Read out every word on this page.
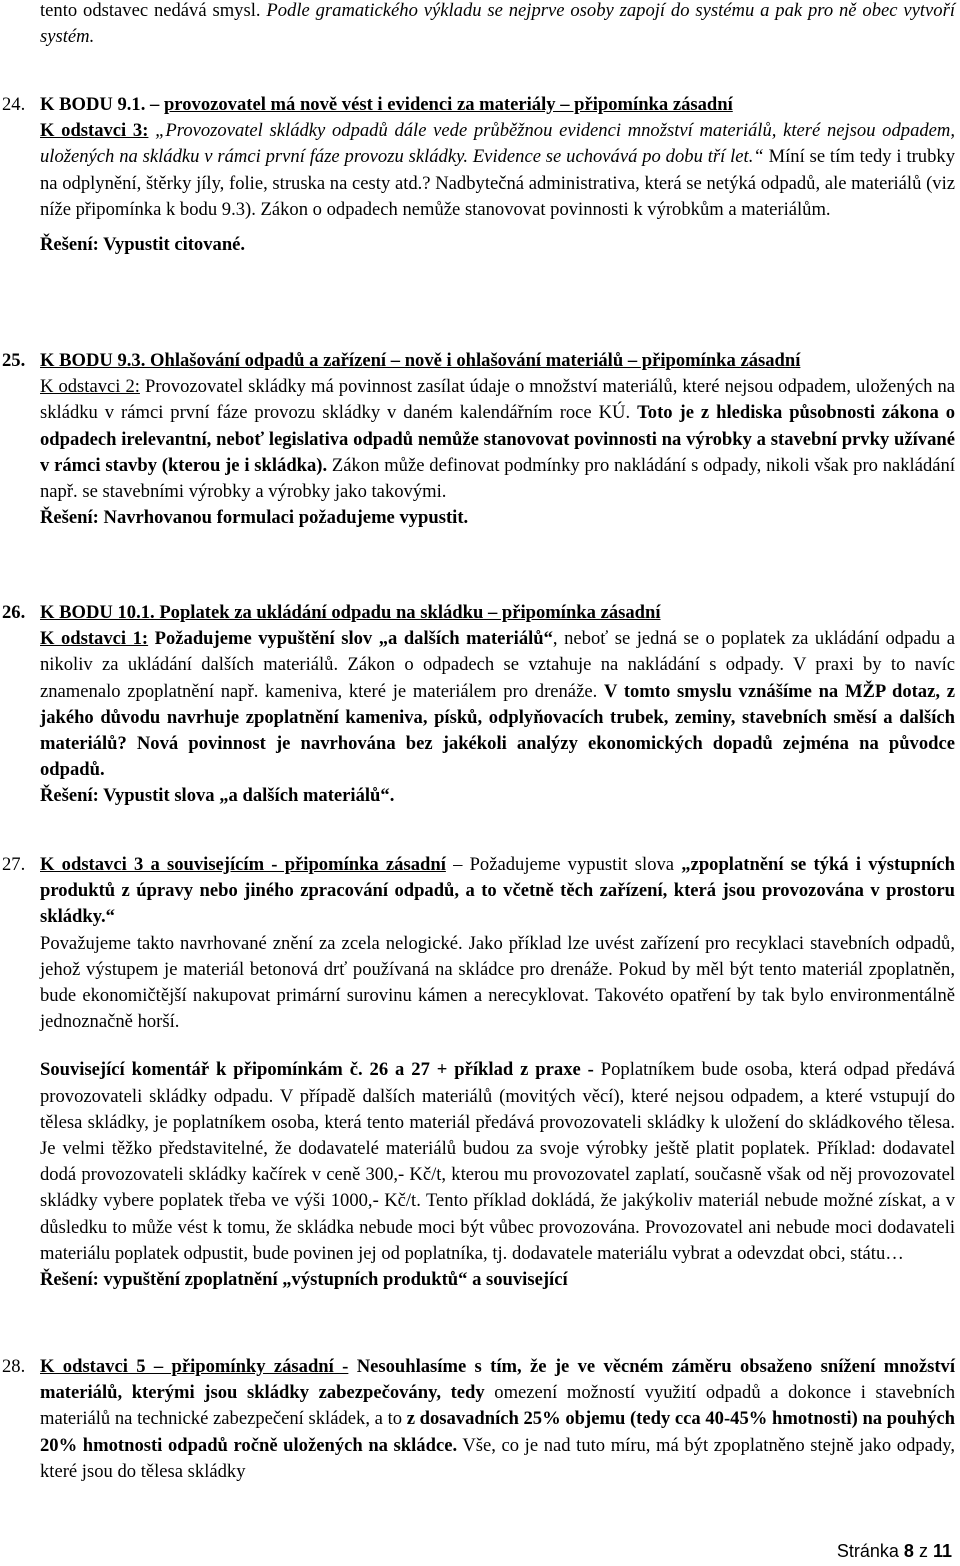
tento odstavec nedává smysl. Podle gramatického výkladu se nejprve osoby zapojí do systému a pak pro ně obec vytvoří systém.

24. K BODU 9.1. – provozovatel má nově vést i evidenci za materiály – připomínka zásadní
K odstavci 3: „Provozovatel skládky odpadů dále vede průběžnou evidenci množství materiálů, které nejsou odpadem, uložených na skládku v rámci první fáze provozu skládky. Evidence se uchovává po dobu tří let.“ Míní se tím tedy i trubky na odplynění, štěrky jíly, folie, struska na cesty atd.? Nadbytečná administrativa, která se netýká odpadů, ale materiálů (viz níže připomínka k bodu 9.3). Zákon o odpadech nemůže stanovovat povinnosti k výrobkům a materiálům.
Řešení: Vypustit citované.

25. K BODU 9.3. Ohlašování odpadů a zařízení – nově i ohlašování materiálů – připomínka zásadní
K odstavci 2: Provozovatel skládky má povinnost zasílat údaje o množství materiálů, které nejsou odpadem, uložených na skládku v rámci první fáze provozu skládky v daném kalendářním roce KÚ. Toto je z hlediska působnosti zákona o odpadech irelevantní, neboť legislativa odpadů nemůže stanovovat povinnosti na výrobky a stavební prvky užívané v rámci stavby (kterou je i skládka). Zákon může definovat podmínky pro nakládání s odpady, nikoli však pro nakládání např. se stavebními výrobky a výrobky jako takovými.
Řešení: Navrhovanou formulaci požadujeme vypustit.

26. K BODU 10.1. Poplatek za ukládání odpadu na skládku – připomínka zásadní
K odstavci 1: Požadujeme vypuštění slov „a dalších materiálů“, neboť se jedná se o poplatek za ukládání odpadu a nikoliv za ukládání dalších materiálů. Zákon o odpadech se vztahuje na nakládání s odpady. V praxi by to navíc znamenalo zpoplatnění např. kameniva, které je materiálem pro drenáže. V tomto smyslu vznášíme na MŽP dotaz, z jakého důvodu navrhuje zpoplatnění kameniva, písků, odplyňovacích trubek, zeminy, stavebních směsí a dalších materiálů? Nová povinnost je navrhována bez jakékoli analýzy ekonomických dopadů zejména na původce odpadů.
Řešení: Vypustit slova „a dalších materiálů“.

27. K odstavci 3 a souvisejícím - připomínka zásadní – Požadujeme vypustit slova „zpoplatnění se týká i výstupních produktů z úpravy nebo jiného zpracování odpadů, a to včetně těch zařízení, která jsou provozována v prostoru skládky.“
Považujeme takto navrhované znění za zcela nelogické. Jako příklad lze uvést zařízení pro recyklaci stavebních odpadů, jehož výstupem je materiál betonová drť používaná na skládce pro drenáže. Pokud by měl být tento materiál zpoplatněn, bude ekonomičtější nakupovat primární surovinu kámen a nerecyklovat. Takovéto opatření by tak bylo environmentálně jednoznačně horší.
Související komentář k připomínkám č. 26 a 27 + příklad z praxe - Poplatníkem bude osoba, která odpad předává provozovateli skládky odpadu. V případě dalších materiálů (movitých věcí), které nejsou odpadem, a které vstupují do tělesa skládky, je poplatníkem osoba, která tento materiál předává provozovateli skládky k uložení do skládkového tělesa. Je velmi těžko představitelné, že dodavatelé materiálů budou za svoje výrobky ještě platit poplatek. Příklad: dodavatel dodá provozovateli skládky kačírek v ceně 300,- Kč/t, kterou mu provozovatel zaplatí, současně však od něj provozovatel skládky vybere poplatek třeba ve výši 1000,- Kč/t. Tento příklad dokládá, že jakýkoliv materiál nebude možné získat, a v důsledku to může vést k tomu, že skládka nebude moci být vůbec provozována. Provozovatel ani nebude moci dodavateli materiálu poplatek odpustit, bude povinen jej od poplatníka, tj. dodavatele materiálu vybrat a odevzdat obci, státu…
Řešení: vypuštění zpoplatnění „výstupních produktů“ a související

28. K odstavci 5 – připomínky zásadní - Nesouhlasíme s tím, že je ve věcném záměru obsaženo snížení množství materiálů, kterými jsou skládky zabezpečovány, tedy omezení možností využití odpadů a dokonce i stavebních materiálů na technické zabezpečení skládek, a to z dosavadních 25% objemu (tedy cca 40-45% hmotnosti) na pouhých 20% hmotnosti odpadů ročně uložených na skládce. Vše, co je nad tuto míru, má být zpoplatněno stejně jako odpady, které jsou do tělesa skládky
Stránka 8 z 11
